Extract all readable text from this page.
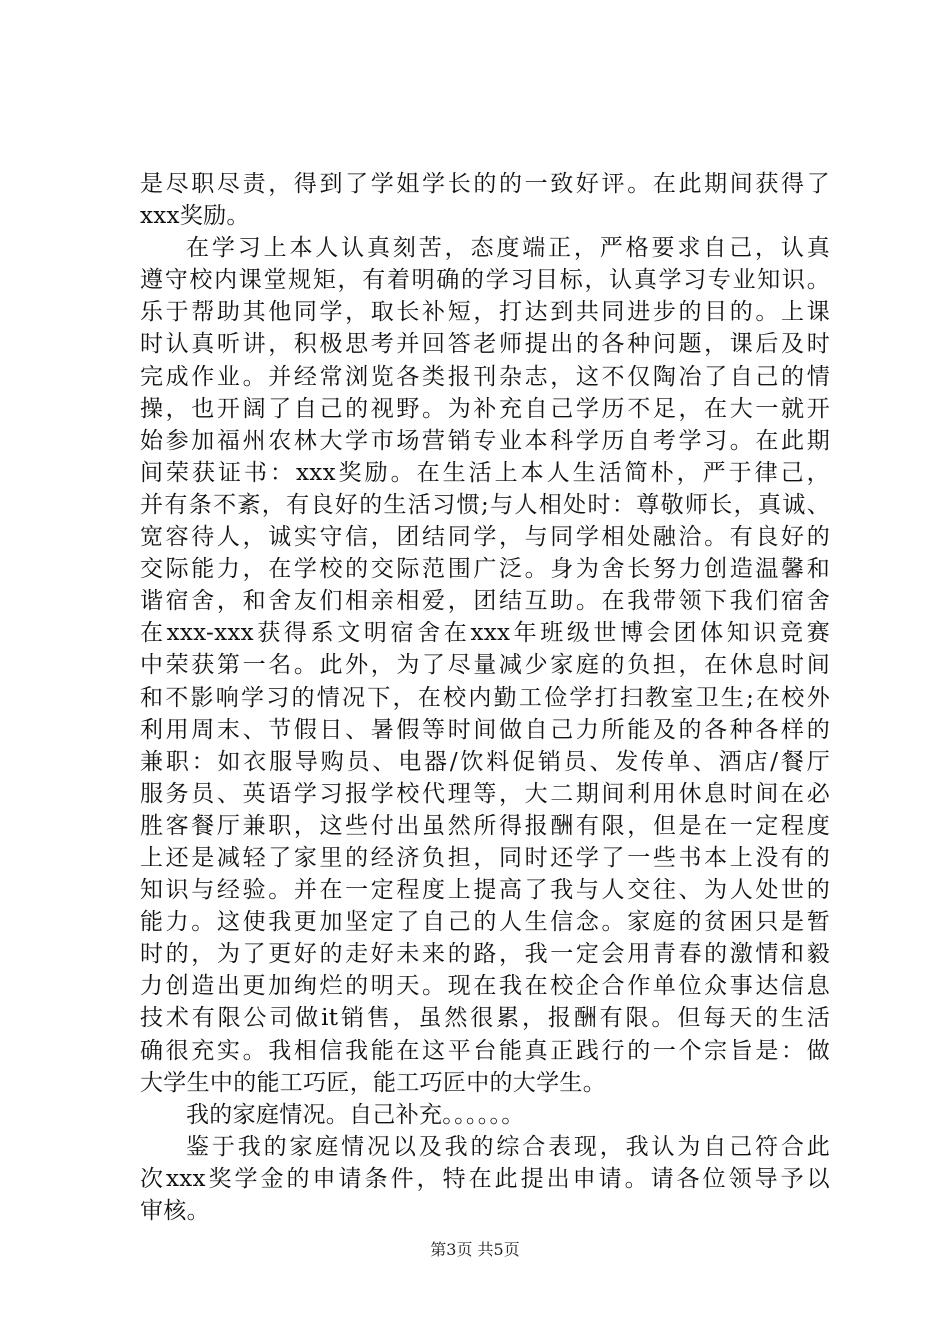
是尽职尽责，得到了学姐学长的的一致好评。在此期间获得了
xxx奖励。
在学习上本人认真刻苦，态度端正，严格要求自己，认真
遵守校内课堂规矩，有着明确的学习目标，认真学习专业知识。
乐于帮助其他同学，取长补短，打达到共同进步的目的。上课
时认真听讲，积极思考并回答老师提出的各种问题，课后及时
完成作业。并经常浏览各类报刊杂志，这不仅陶冶了自己的情
操，也开阔了自己的视野。为补充自己学历不足，在大一就开
始参加福州农林大学市场营销专业本科学历自考学习。在此期
间荣获证书：xxx奖励。在生活上本人生活简朴，严于律己，
并有条不紊，有良好的生活习惯;与人相处时：尊敬师长，真诚、
宽容待人，诚实守信，团结同学，与同学相处融洽。有良好的
交际能力，在学校的交际范围广泛。身为舍长努力创造温馨和
谐宿舍，和舍友们相亲相爱，团结互助。在我带领下我们宿舍
在xxx-xxx获得系文明宿舍在xxx年班级世博会团体知识竞赛
中荣获第一名。此外，为了尽量减少家庭的负担，在休息时间
和不影响学习的情况下，在校内勤工俭学打扫教室卫生;在校外
利用周末、节假日、暑假等时间做自己力所能及的各种各样的
兼职：如衣服导购员、电器/饮料促销员、发传单、酒店/餐厅
服务员、英语学习报学校代理等，大二期间利用休息时间在必
胜客餐厅兼职，这些付出虽然所得报酬有限，但是在一定程度
上还是减轻了家里的经济负担，同时还学了一些书本上没有的
知识与经验。并在一定程度上提高了我与人交往、为人处世的
能力。这使我更加坚定了自己的人生信念。家庭的贫困只是暂
时的，为了更好的走好未来的路，我一定会用青春的激情和毅
力创造出更加绚烂的明天。现在我在校企合作单位众事达信息
技术有限公司做it销售，虽然很累，报酬有限。但每天的生活
确很充实。我相信我能在这平台能真正践行的一个宗旨是：做
大学生中的能工巧匠，能工巧匠中的大学生。
我的家庭情况。自己补充。。。。。。
鉴于我的家庭情况以及我的综合表现，我认为自己符合此
次xxx奖学金的申请条件，特在此提出申请。请各位领导予以
审核。
第3页 共5页
